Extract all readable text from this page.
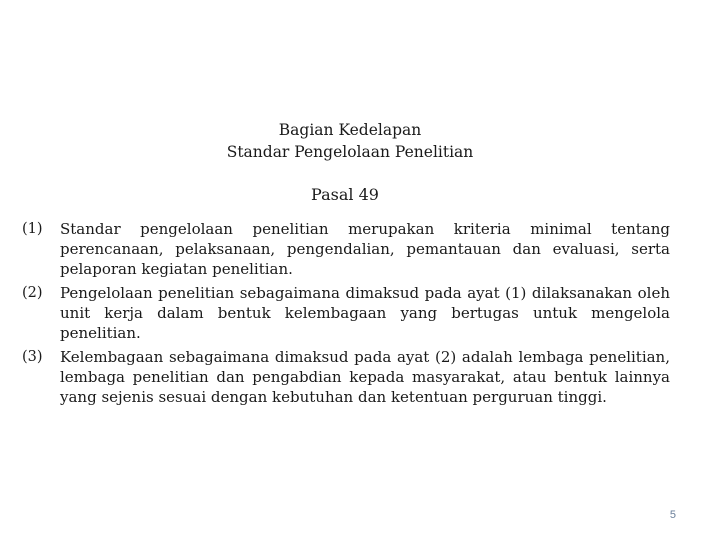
Bagian Kedelapan
Standar Pengelolaan Penelitian
Pasal 49
(1)	Standar pengelolaan penelitian merupakan kriteria minimal tentang perencanaan, pelaksanaan, pengendalian, pemantauan dan evaluasi, serta pelaporan kegiatan penelitian.
(2)	Pengelolaan penelitian sebagaimana dimaksud pada ayat (1) dilaksanakan oleh unit kerja dalam bentuk kelembagaan yang bertugas untuk mengelola penelitian.
(3)	Kelembagaan sebagaimana dimaksud pada ayat (2) adalah lembaga penelitian, lembaga penelitian dan pengabdian kepada masyarakat, atau bentuk lainnya yang sejenis sesuai dengan kebutuhan dan ketentuan perguruan tinggi.
5
